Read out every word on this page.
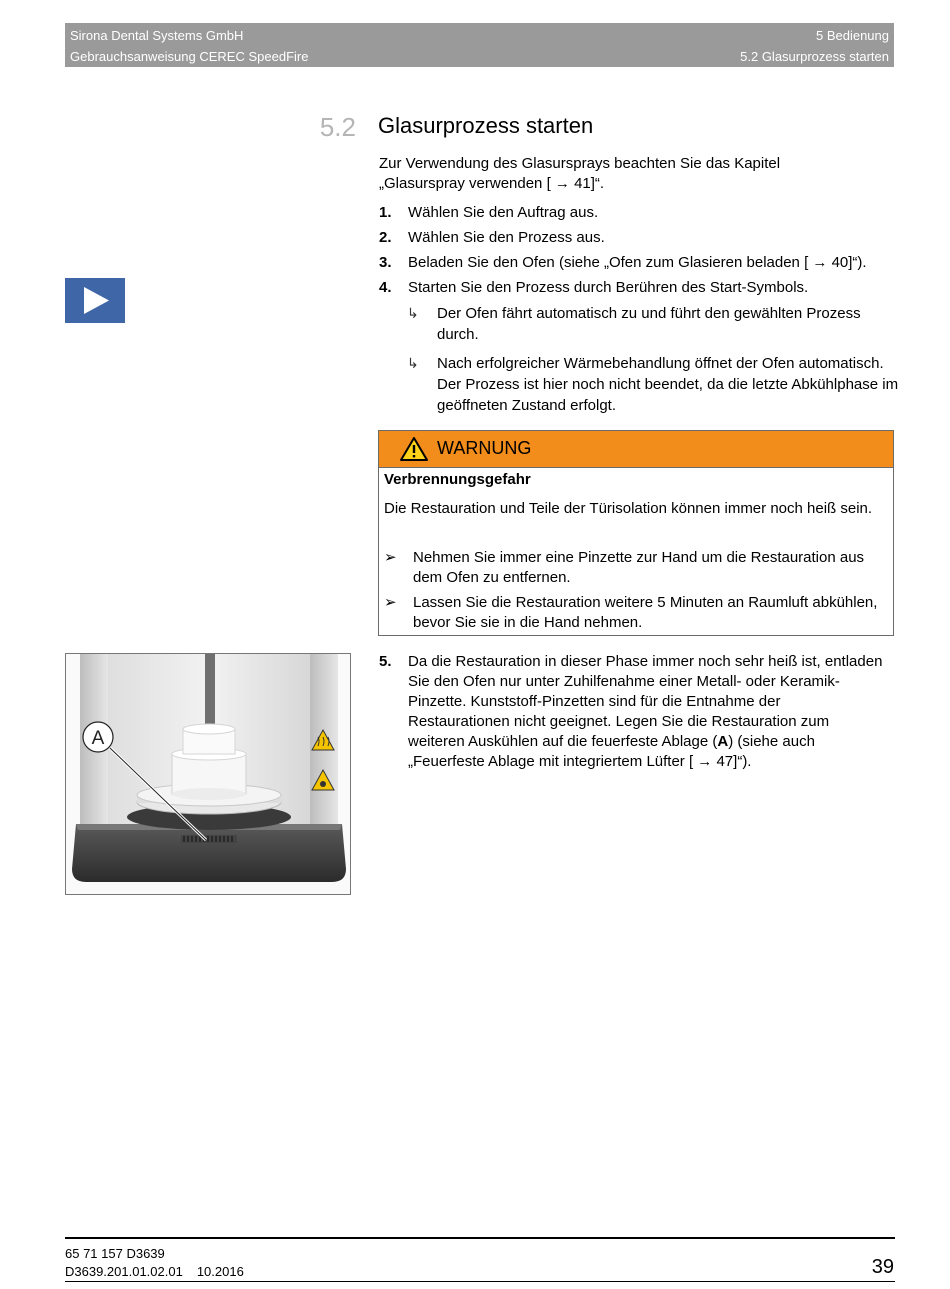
Sirona Dental Systems GmbH	5 Bedienung
Gebrauchsanweisung CEREC SpeedFire	5.2 Glasurprozess starten
5.2 Glasurprozess starten
Zur Verwendung des Glasursprays beachten Sie das Kapitel
„Glasurspray verwenden [ → 41]“.
1. Wählen Sie den Auftrag aus.
2. Wählen Sie den Prozess aus.
3. Beladen Sie den Ofen (siehe „Ofen zum Glasieren beladen [ → 40]“).
4. Starten Sie den Prozess durch Berühren des Start-Symbols.
↳ Der Ofen fährt automatisch zu und führt den gewählten Prozess durch.
↳ Nach erfolgreicher Wärmebehandlung öffnet der Ofen automatisch. Der Prozess ist hier noch nicht beendet, da die letzte Abkühlphase im geöffneten Zustand erfolgt.
WARNUNG
Verbrennungsgefahr
Die Restauration und Teile der Türisolation können immer noch heiß sein.
➢ Nehmen Sie immer eine Pinzette zur Hand um die Restauration aus dem Ofen zu entfernen.
➢ Lassen Sie die Restauration weitere 5 Minuten an Raumluft abkühlen, bevor Sie sie in die Hand nehmen.
A
5. Da die Restauration in dieser Phase immer noch sehr heiß ist, entladen Sie den Ofen nur unter Zuhilfenahme einer Metall- oder Keramik-Pinzette. Kunststoff-Pinzetten sind für die Entnahme der Restaurationen nicht geeignet. Legen Sie die Restauration zum weiteren Auskühlen auf die feuerfeste Ablage (A) (siehe auch „Feuerfeste Ablage mit integriertem Lüfter [ → 47]“).
65 71 157 D3639
D3639.201.01.02.01 10.2016	39
